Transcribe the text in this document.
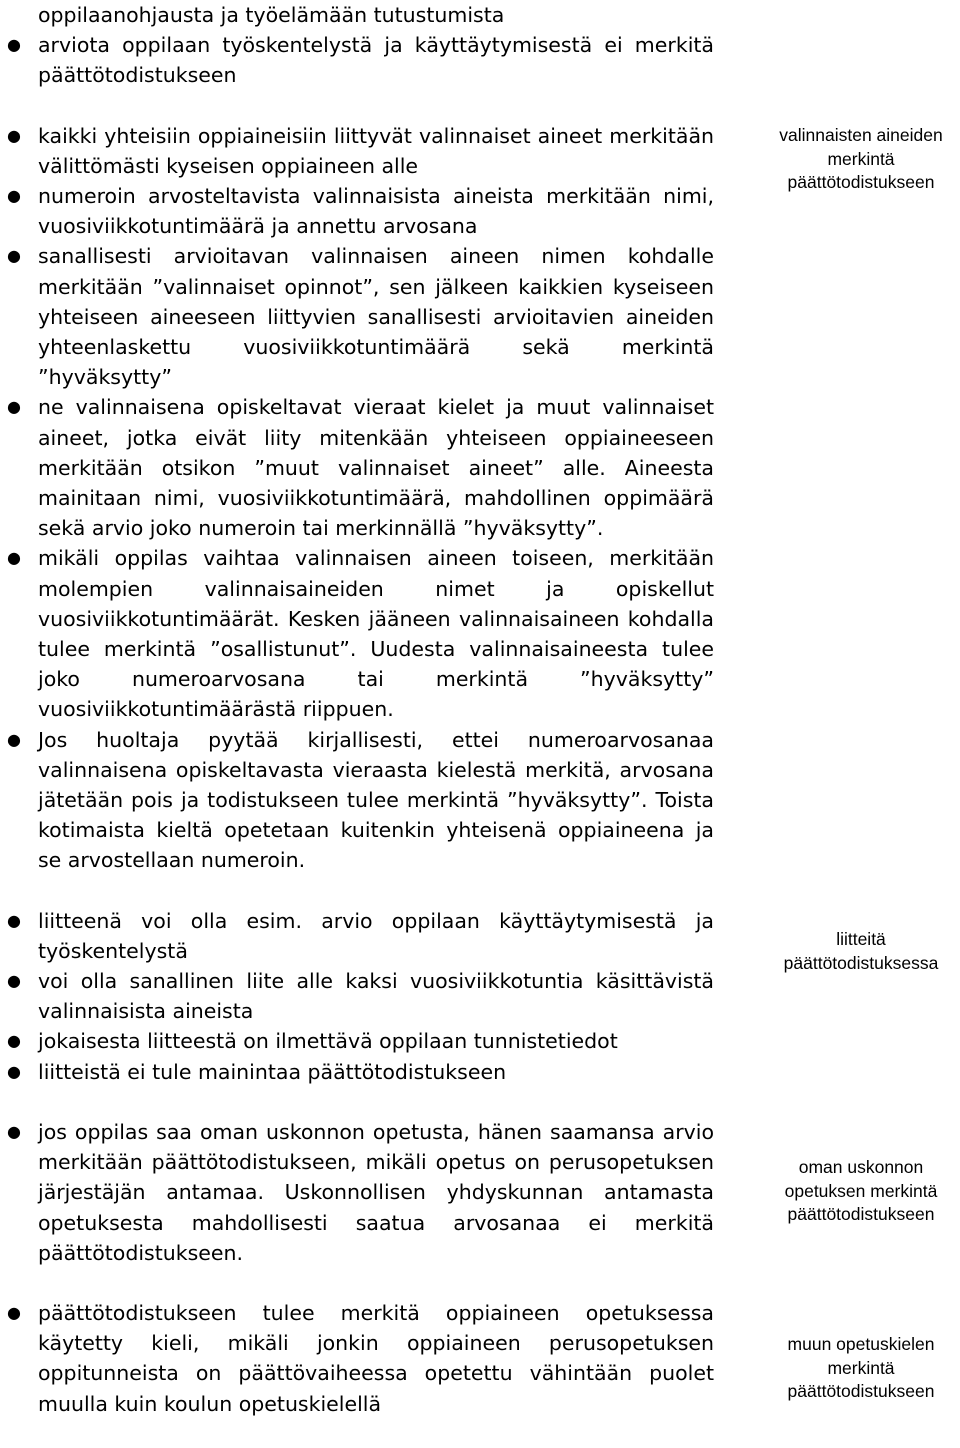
oppilaanohjausta ja työelämään tutustumista
● arviota oppilaan työskentelystä ja käyttäytymisestä ei merkitä päättötodistukseen
● kaikki yhteisiin oppiaineisiin liittyvät valinnaiset aineet merkitään välittömästi kyseisen oppiaineen alle
● numeroin arvosteltavista valinnaisista aineista merkitään nimi, vuosiviikkotuntimäärä ja annettu arvosana
● sanallisesti arvioitavan valinnaisen aineen nimen kohdalle merkitään ”valinnaiset opinnot”, sen jälkeen kaikkien kyseiseen yhteiseen aineeseen liittyvien sanallisesti arvioitavien aineiden yhteenlaskettu vuosiviikkotuntimäärä sekä merkintä ”hyväksytty”
● ne valinnaisena opiskeltavat vieraat kielet ja muut valinnaiset aineet, jotka eivät liity mitenkään yhteiseen oppiaineeseen merkitään otsikon ”muut valinnaiset aineet” alle. Aineesta mainitaan nimi, vuosiviikkotuntimäärä, mahdollinen oppimäärä sekä arvio joko numeroin tai merkinnällä ”hyväksytty”.
● mikäli oppilas vaihtaa valinnaisen aineen toiseen, merkitään molempien valinnaisaineiden nimet ja opiskellut vuosiviikkotuntimäärät. Kesken jääneen valinnaisaineen kohdalla tulee merkintä ”osallistunut”. Uudesta valinnaisaineesta tulee joko numeroarvosana tai merkintä ”hyväksytty” vuosiviikkotuntimäärästä riippuen.
● Jos huoltaja pyytää kirjallisesti, ettei numeroarvosanaa valinnaisena opiskeltavasta vieraasta kielestä merkitä, arvosana jätetään pois ja todistukseen tulee merkintä ”hyväksytty”. Toista kotimaista kieltä opetetaan kuitenkin yhteisenä oppiaineena ja se arvostellaan numeroin.
● liitteenä voi olla esim. arvio oppilaan käyttäytymisestä ja työskentelystä
● voi olla sanallinen liite alle kaksi vuosiviikkotuntia käsittävistä valinnaisista aineista
● jokaisesta liitteestä on ilmettävä oppilaan tunnistetiedot
● liitteistä ei tule mainintaa päättötodistukseen
● jos oppilas saa oman uskonnon opetusta, hänen saamansa arvio merkitään päättötodistukseen, mikäli opetus on perusopetuksen järjestäjän antamaa. Uskonnollisen yhdyskunnan antamasta opetuksesta mahdollisesti saatua arvosanaa ei merkitä päättötodistukseen.
● päättötodistukseen tulee merkitä oppiaineen opetuksessa käytetty kieli, mikäli jonkin oppiaineen perusopetuksen oppitunneista on päättövaiheessa opetettu vähintään puolet muulla kuin koulun opetuskielellä
valinnaisten aineiden
merkintä
päättötodistukseen
liitteitä
päättötodistuksessa
oman uskonnon
opetuksen merkintä
päättötodistukseen
muun opetuskielen
merkintä
päättötodistukseen
